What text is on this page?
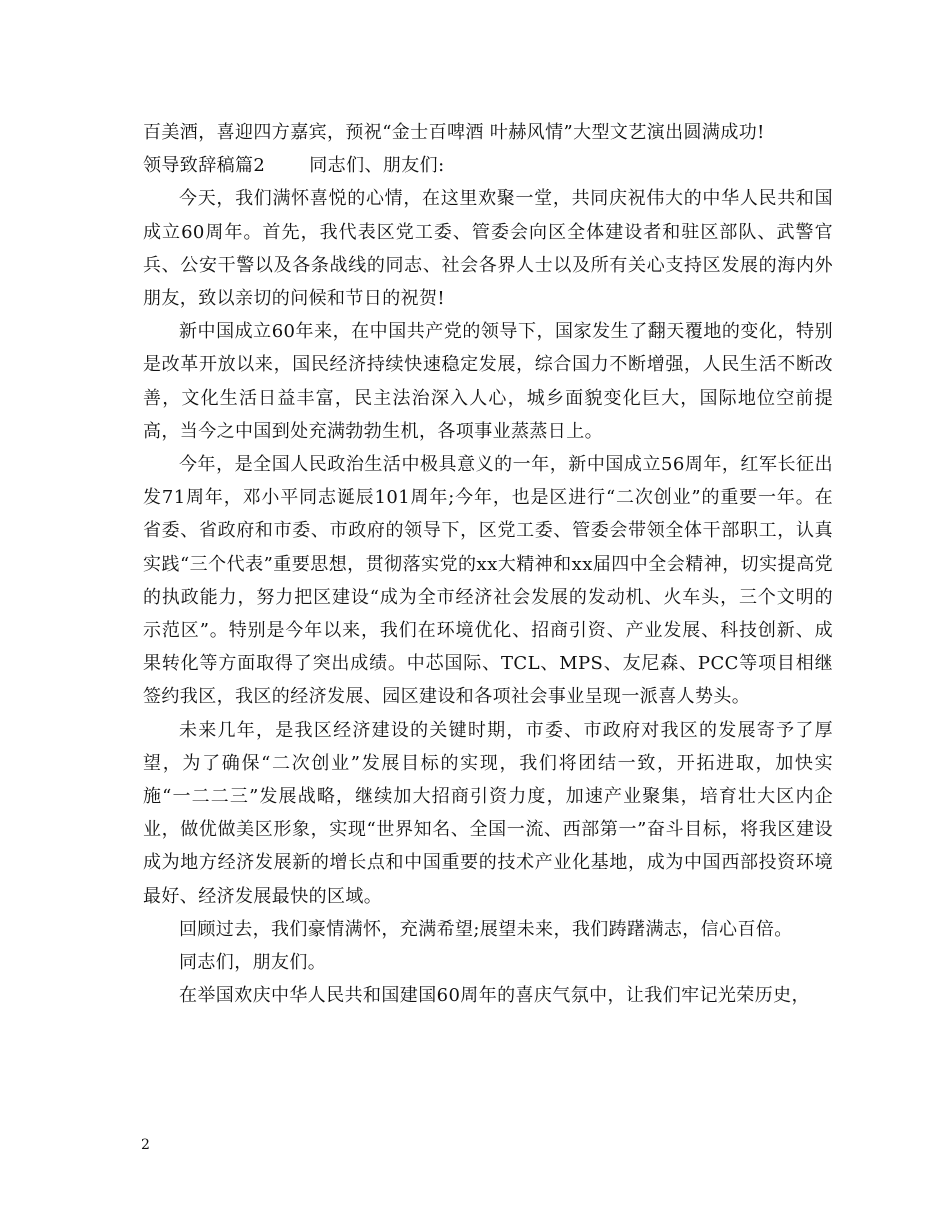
百美酒，喜迎四方嘉宾，预祝“金士百啤酒 叶赫风情”大型文艺演出圆满成功!

领导致辞稿篇2 同志们、朋友们:

今天，我们满怀喜悦的心情，在这里欢聚一堂，共同庆祝伟大的中华人民共和国成立60周年。首先，我代表区党工委、管委会向区全体建设者和驻区部队、武警官兵、公安干警以及各条战线的同志、社会各界人士以及所有关心支持区发展的海内外朋友，致以亲切的问候和节日的祝贺!

新中国成立60年来，在中国共产党的领导下，国家发生了翻天覆地的变化，特别是改革开放以来，国民经济持续快速稳定发展，综合国力不断增强，人民生活不断改善，文化生活日益丰富，民主法治深入人心，城乡面貌变化巨大，国际地位空前提高，当今之中国到处充满勃勃生机，各项事业蒸蒸日上。

今年，是全国人民政治生活中极具意义的一年，新中国成立56周年，红军长征出发71周年，邓小平同志诞辰101周年;今年，也是区进行“二次创业”的重要一年。在省委、省政府和市委、市政府的领导下，区党工委、管委会带领全体干部职工，认真实践“三个代表”重要思想，贯彻落实党的xx大精神和xx届四中全会精神，切实提高党的执政能力，努力把区建设“成为全市经济社会发展的发动机、火车头，三个文明的示范区”。特别是今年以来，我们在环境优化、招商引资、产业发展、科技创新、成果转化等方面取得了突出成绩。中芯国际、TCL、MPS、友尼森、PCC等项目相继签约我区，我区的经济发展、园区建设和各项社会事业呈现一派喜人势头。

未来几年，是我区经济建设的关键时期，市委、市政府对我区的发展寄予了厚望，为了确保“二次创业”发展目标的实现，我们将团结一致，开拓进取，加快实施“一二二三”发展战略，继续加大招商引资力度，加速产业聚集，培育壮大区内企业，做优做美区形象，实现“世界知名、全国一流、西部第一”奋斗目标，将我区建设成为地方经济发展新的增长点和中国重要的技术产业化基地，成为中国西部投资环境最好、经济发展最快的区域。

回顾过去，我们豪情满怀，充满希望;展望未来，我们踌躇满志，信心百倍。

同志们，朋友们。

在举国欢庆中华人民共和国建国60周年的喜庆气氛中，让我们牢记光荣历史，

2
